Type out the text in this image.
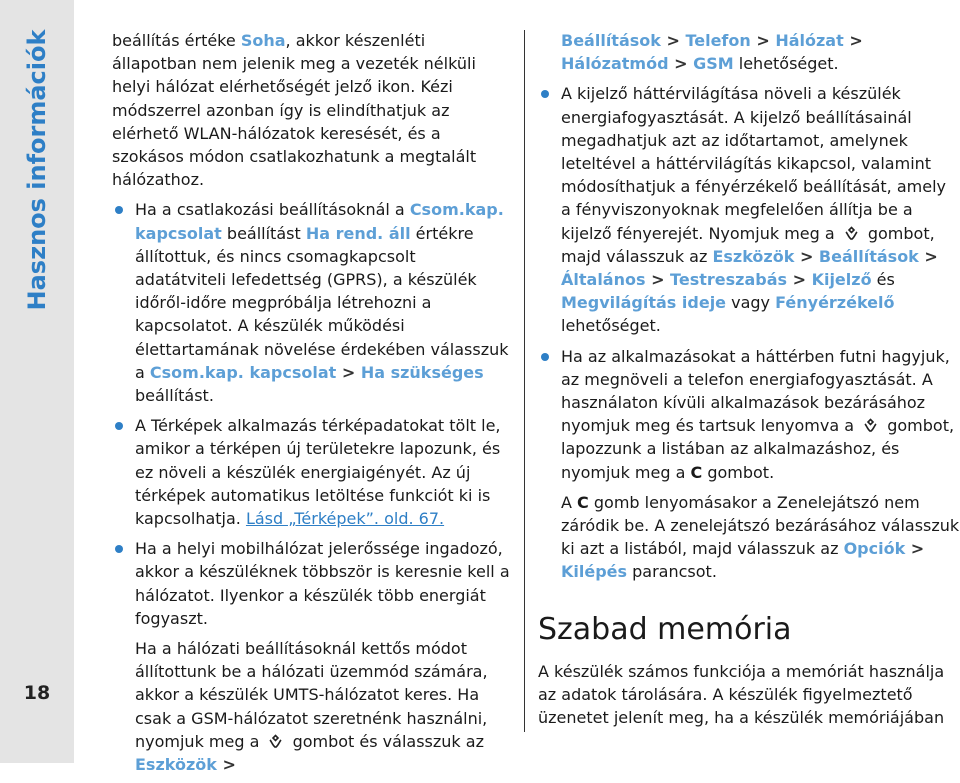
Hasznos információk
18

beállítás értéke Soha, akkor készenléti állapotban nem jelenik meg a vezeték nélküli helyi hálózat elérhetőségét jelző ikon. Kézi módszerrel azonban így is elindíthatjuk az elérhető WLAN-hálózatok keresését, és a szokásos módon csatlakozhatunk a megtalált hálózathoz.

Ha a csatlakozási beállításoknál a Csom.kap. kapcsolat beállítást Ha rend. áll értékre állítottuk, és nincs csomagkapcsolt adatátviteli lefedettség (GPRS), a készülék időről-időre megpróbálja létrehozni a kapcsolatot. A készülék működési élettartamának növelése érdekében válasszuk a Csom.kap. kapcsolat > Ha szükséges beállítást.

A Térképek alkalmazás térképadatokat tölt le, amikor a térképen új területekre lapozunk, és ez növeli a készülék energiaigényét. Az új térképek automatikus letöltése funkciót ki is kapcsolhatja. Lásd „Térképek”. old. 67.

Ha a helyi mobilhálózat jelerőssége ingadozó, akkor a készüléknek többször is keresnie kell a hálózatot. Ilyenkor a készülék több energiát fogyaszt.

Ha a hálózati beállításoknál kettős módot állítottunk be a hálózati üzemmód számára, akkor a készülék UMTS-hálózatot keres. Ha csak a GSM-hálózatot szeretnénk használni, nyomjuk meg a  gombot és válasszuk az Eszközök >

Beállítások > Telefon > Hálózat > Hálózatmód > GSM lehetőséget.

A kijelző háttérvilágítása növeli a készülék energiafogyasztását. A kijelző beállításainál megadhatjuk azt az időtartamot, amelynek leteltével a háttérvilágítás kikapcsol, valamint módosíthatjuk a fényérzékelő beállítását, amely a fényviszonyoknak megfelelően állítja be a kijelző fényerejét. Nyomjuk meg a  gombot, majd válasszuk az Eszközök > Beállítások > Általános > Testreszabás > Kijelző és Megvilágítás ideje vagy Fényérzékelő lehetőséget.

Ha az alkalmazásokat a háttérben futni hagyjuk, az megnöveli a telefon energiafogyasztását. A használaton kívüli alkalmazások bezárásához nyomjuk meg és tartsuk lenyomva a  gombot, lapozzunk a listában az alkalmazáshoz, és nyomjuk meg a C gombot.

A C gomb lenyomásakor a Zenelejátszó nem záródik be. A zenelejátszó bezárásához válasszuk ki azt a listából, majd válasszuk az Opciók > Kilépés parancsot.

Szabad memória

A készülék számos funkciója a memóriát használja az adatok tárolására. A készülék figyelmeztető üzenetet jelenít meg, ha a készülék memóriájában
